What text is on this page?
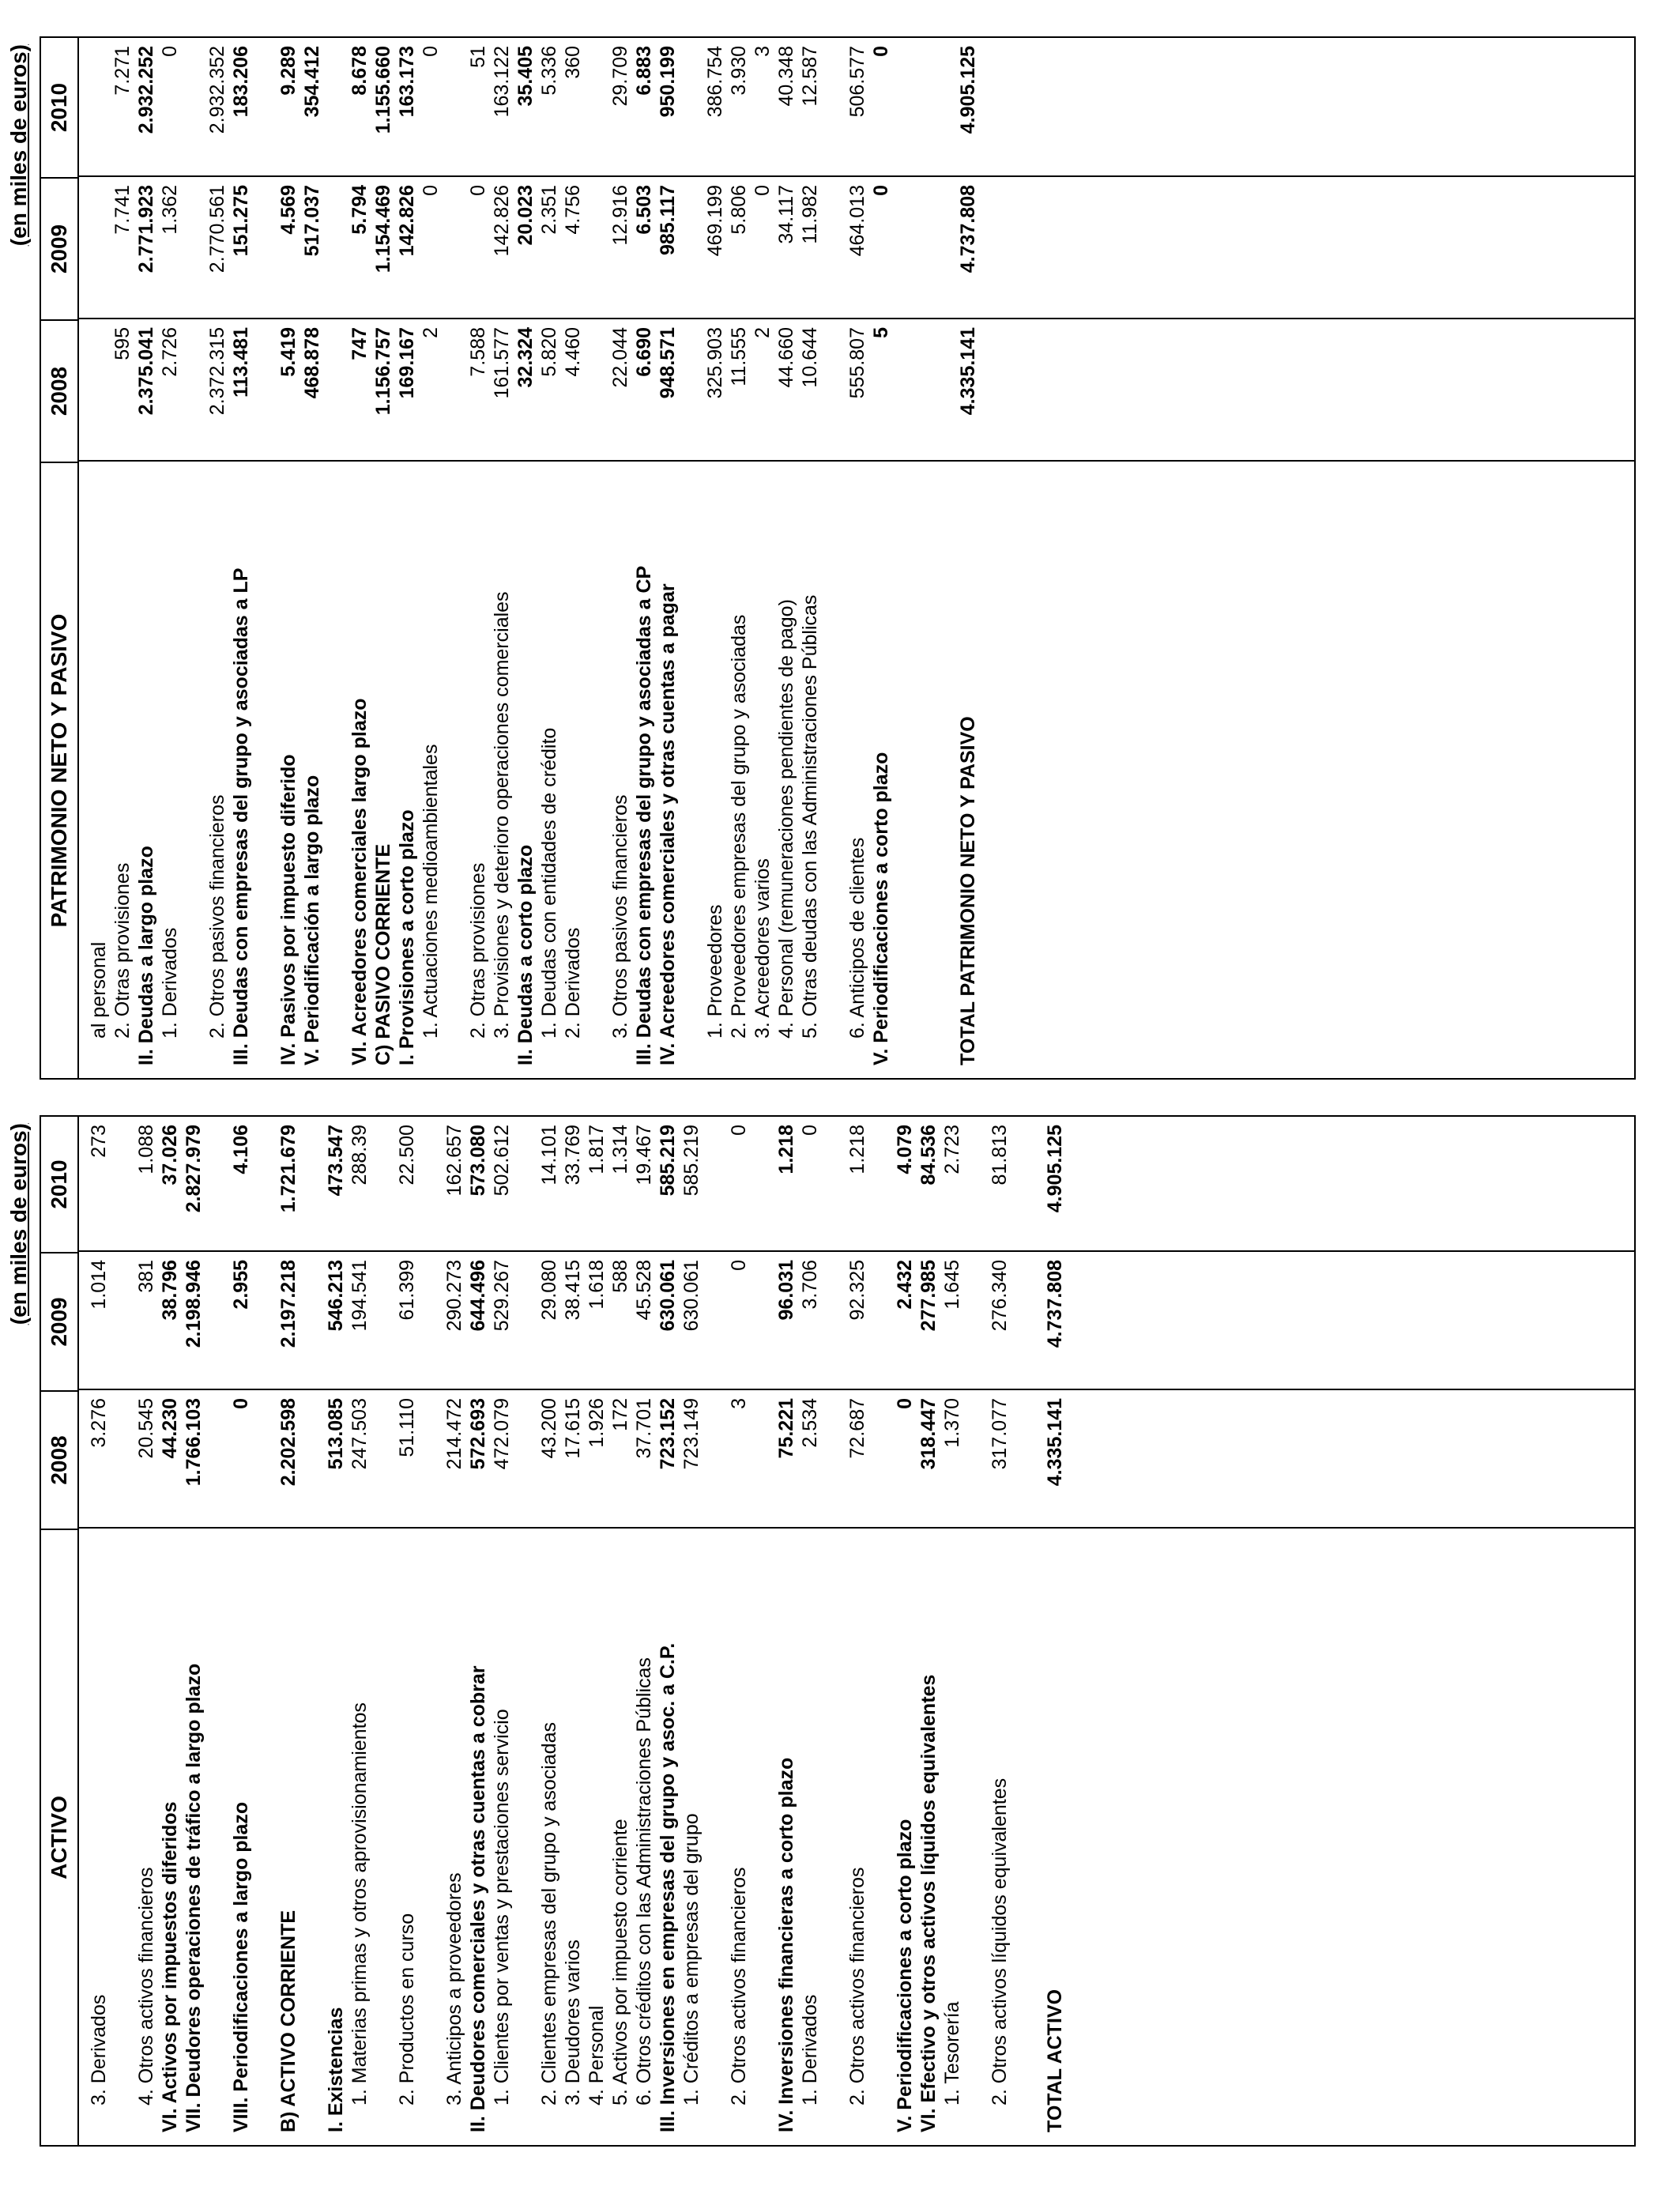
(en miles de euros)
ACTIVO
2008
2009
2010
3. Derivados
3.276
1.014
273
4. Otros activos financieros
20.545
381
1.088
VI. Activos por impuestos diferidos
44.230
38.796
37.026
VII. Deudores operaciones de tráfico a largo plazo
1.766.103
2.198.946
2.827.979
VIII. Periodificaciones a largo plazo
0
2.955
4.106
B) ACTIVO CORRIENTE
2.202.598
2.197.218
1.721.679
I. Existencias
513.085
546.213
473.547
1. Materias primas y otros aprovisionamientos
247.503
194.541
288.39
2. Productos en curso
51.110
61.399
22.500
3. Anticipos a proveedores
214.472
290.273
162.657
II. Deudores comerciales y otras cuentas a cobrar
572.693
644.496
573.080
1. Clientes por ventas y prestaciones servicio
472.079
529.267
502.612
2. Clientes empresas del grupo y asociadas
43.200
29.080
14.101
3. Deudores varios
17.615
38.415
33.769
4. Personal
1.926
1.618
1.817
5. Activos por impuesto corriente
172
588
1.314
6. Otros créditos con las Administraciones Públicas
37.701
45.528
19.467
III. Inversiones en empresas del grupo y asoc. a C.P.
723.152
630.061
585.219
1. Créditos a empresas del grupo
723.149
630.061
585.219
2. Otros activos financieros
3
0
0
IV. Inversiones financieras a corto plazo
75.221
96.031
1.218
1. Derivados
2.534
3.706
0
2. Otros activos financieros
72.687
92.325
1.218
V. Periodificaciones a corto plazo
0
2.432
4.079
VI. Efectivo y otros activos líquidos equivalentes
318.447
277.985
84.536
1. Tesorería
1.370
1.645
2.723
2. Otros activos líquidos equivalentes
317.077
276.340
81.813
TOTAL ACTIVO
4.335.141
4.737.808
4.905.125
(en miles de euros)
PATRIMONIO NETO Y PASIVO
2008
2009
2010
al personal 2. Otras provisiones
595
7.741
7.271
II. Deudas a largo plazo
2.375.041
2.771.923
2.932.252
1. Derivados
2.726
1.362
0
2. Otros pasivos financieros
2.372.315
2.770.561
2.932.352
III. Deudas con empresas del grupo y asociadas a LP
113.481
151.275
183.206
IV. Pasivos por impuesto diferido
5.419
4.569
9.289
V. Periodificación a largo plazo
468.878
517.037
354.412
VI. Acreedores comerciales largo plazo
747
5.794
8.678
C) PASIVO CORRIENTE
1.156.757
1.154.469
1.155.660
I. Provisiones a corto plazo
169.167
142.826
163.173
1. Actuaciones medioambientales
2
0
0
2. Otras provisiones
7.588
0
51
3. Provisiones y deterioro operaciones comerciales
161.577
142.826
163.122
II. Deudas a corto plazo
32.324
20.023
35.405
1. Deudas con entidades de crédito
5.820
2.351
5.336
2. Derivados
4.460
4.756
360
3. Otros pasivos financieros
22.044
12.916
29.709
III. Deudas con empresas del grupo y asociadas a CP
6.690
6.503
6.883
IV. Acreedores comerciales y otras cuentas a pagar
948.571
985.117
950.199
1. Proveedores
325.903
469.199
386.754
2. Proveedores empresas del grupo y asociadas
11.555
5.806
3.930
3. Acreedores varios
2
0
3
4. Personal (remuneraciones pendientes de pago)
44.660
34.117
40.348
5. Otras deudas con las Administraciones Públicas
10.644
11.982
12.587
6. Anticipos de clientes
555.807
464.013
506.577
V. Periodificaciones a corto plazo
5
0
0
TOTAL PATRIMONIO NETO Y PASIVO
4.335.141
4.737.808
4.905.125
